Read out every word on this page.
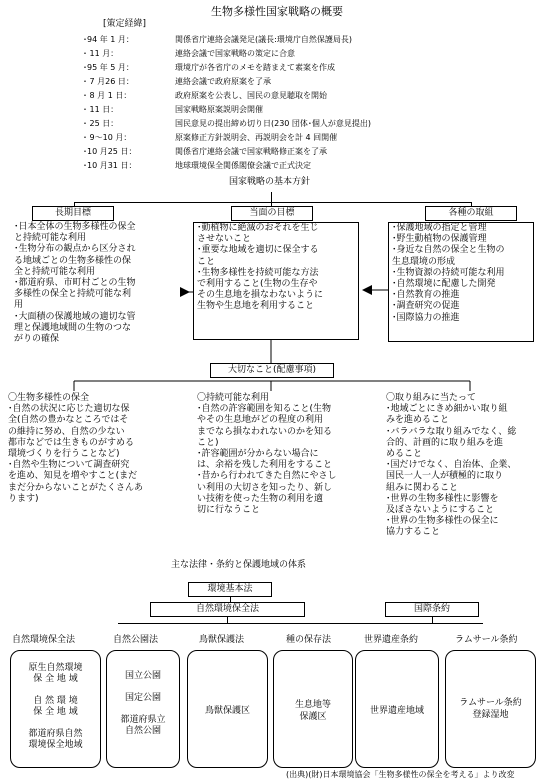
生物多様性国家戦略の概要
[策定経緯]
･94 年 1 月：	関係省庁連絡会議発足(議長:環境庁自然保護局長)
･ 11 月：	連絡会議で国家戦略の策定に合意
･95 年 5 月：	環境庁が各省庁のメモを踏まえて素案を作成
･ 7 月26 日：	連絡会議で政府原案を了承
･ 8 月 1 日：	政府原案を公表し、国民の意見聴取を開始
･ 11 日：	国家戦略原案説明会開催
･ 25 日：	国民意見の提出締め切り日(230 団体･個人が意見提出)
･ 9～10 月：	原案修正方針説明会、再説明会を計 4 回開催
･10 月25 日：	関係省庁連絡会議で国家戦略修正案を了承
･10 月31 日：	地球環境保全関係閣僚会議で正式決定
国家戦略の基本方針
長期目標	当面の目標	各種の取組
･日本全体の生物多様性の保全
と持続可能な利用
･生物分布の観点から区分され
る地域ごとの生物多様性の保
全と持続可能な利用
･都道府県、市町村ごとの生物
多様性の保全と持続可能な利
用
･大面積の保護地域の適切な管
理と保護地域間の生物のつな
がりの確保
･動植物に絶滅のおそれを生じ
させないこと
･重要な地域を適切に保全する
こと
･生物多様性を持続可能な方法
で利用すること(生物の生存や
その生息地を損なわないように
生物や生息地を利用すること
･保護地域の指定と管理
･野生動植物の保護管理
･身近な自然の保全と生物の
生息環境の形成
･生物資源の持続可能な利用
･自然環境に配慮した開発
･自然教育の推進
･調査研究の促進
･国際協力の推進
大切なこと(配慮事項)
〇生物多様性の保全
･自然の状況に応じた適切な保
全(自然の豊かなところではそ
の維持に努め、自然の少ない
都市などでは生きものがすめる
環境づくりを行うことなど)
･自然や生物について調査研究
を進め、知見を増やすこと(まだ
まだ分からないことがたくさんあ
ります)
〇持続可能な利用
･自然の許容範囲を知ること(生物
やその生息地がどの程度の利用
までなら損なわれないのかを知る
こと)
･許容範囲が分からない場合に
は、余裕を残した利用をすること
･昔から行われてきた自然にやさし
い利用の大切さを知ったり、新し
い技術を使った生物の利用を適
切に行なうこと
〇取り組みに当たって
･地域ごとにきめ細かい取り組
みを進めること
･バラバラな取り組みでなく、総
合的、計画的に取り組みを進
めること
･国だけでなく、自治体、企業、
国民一人一人が積極的に取り
組みに関わること
･世界の生物多様性に影響を
及ぼさないようにすること
･世界の生物多様性の保全に
協力すること
主な法律・条約と保護地域の体系
環境基本法
自然環境保全法	国際条約
自然環境保全法	自然公園法	鳥獣保護法	種の保存法	世界遺産条約	ラムサール条約
原生自然環境
保 全 地 域

自 然 環 境
保 全 地 域

都道府県自然
環境保全地域
国立公園

国定公園

都道府県立
自然公園
鳥獣保護区
生息地等
保護区
世界遺産地域
ラムサール条約
登録湿地
(出典)(財)日本環境協会「生物多様性の保全を考える」より改変
